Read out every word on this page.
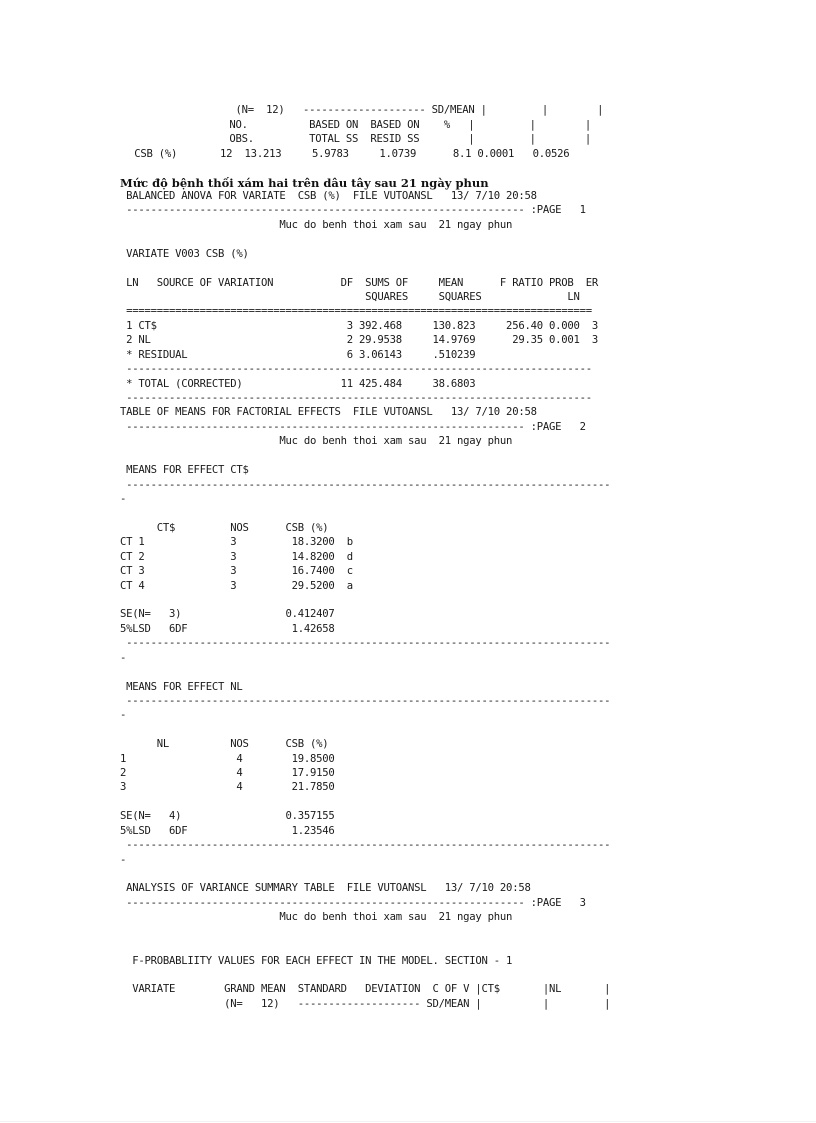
(N=  12)   -------------------- SD/MEAN |         |        |
NO.          BASED ON  BASED ON    %   |         |        |
OBS.         TOTAL SS  RESID SS        |         |        |
CSB (%)       12  13.213     5.9783     1.0739      8.1 0.0001   0.0526
Mức độ bệnh thối xám hai trên dâu tây sau 21 ngày phun
BALANCED ANOVA FOR VARIATE  CSB (%)  FILE VUTOANSL   13/ 7/10 20:58
----------------------------------------------------------------- :PAGE   1
Muc do benh thoi xam sau  21 ngay phun
VARIATE V003 CSB (%)
LN   SOURCE OF VARIATION           DF  SUMS OF     MEAN      F RATIO PROB  ER
SQUARES     SQUARES              LN
============================================================================
1 CT$                               3 392.468     130.823     256.40 0.000  3
2 NL                                2 29.9538     14.9769      29.35 0.001  3
* RESIDUAL                          6 3.06143     .510239
----------------------------------------------------------------------------
* TOTAL (CORRECTED)                11 425.484     38.6803
----------------------------------------------------------------------------
TABLE OF MEANS FOR FACTORIAL EFFECTS  FILE VUTOANSL   13/ 7/10 20:58
----------------------------------------------------------------- :PAGE   2
Muc do benh thoi xam sau  21 ngay phun
MEANS FOR EFFECT CT$
-------------------------------------------------------------------------------
-
CT$         NOS      CSB (%)
CT 1              3         18.3200  b
CT 2              3         14.8200  d
CT 3              3         16.7400  c
CT 4              3         29.5200  a
SE(N=   3)                 0.412407
5%LSD   6DF                 1.42658
-------------------------------------------------------------------------------
-
MEANS FOR EFFECT NL
-------------------------------------------------------------------------------
-
NL          NOS      CSB (%)
1                  4        19.8500
2                  4        17.9150
3                  4        21.7850
SE(N=   4)                 0.357155
5%LSD   6DF                 1.23546
-------------------------------------------------------------------------------
-
ANALYSIS OF VARIANCE SUMMARY TABLE  FILE VUTOANSL   13/ 7/10 20:58
----------------------------------------------------------------- :PAGE   3
Muc do benh thoi xam sau  21 ngay phun
F-PROBABLIITY VALUES FOR EACH EFFECT IN THE MODEL. SECTION - 1
VARIATE        GRAND MEAN  STANDARD   DEVIATION  C OF V |CT$       |NL       |
(N=   12)   -------------------- SD/MEAN |          |         |
